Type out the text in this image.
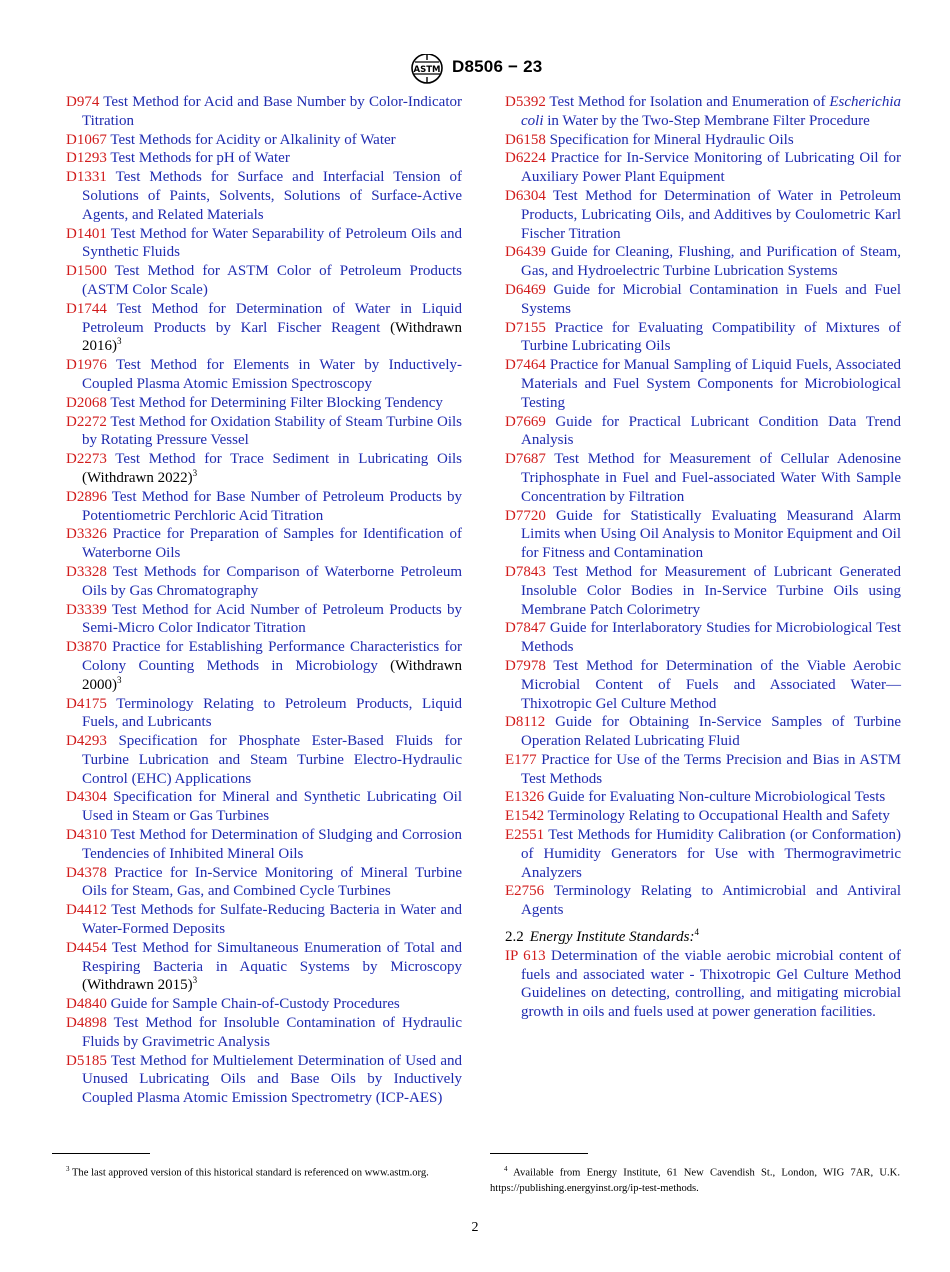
ASTM D8506 − 23
D974 Test Method for Acid and Base Number by Color-Indicator Titration
D1067 Test Methods for Acidity or Alkalinity of Water
D1293 Test Methods for pH of Water
D1331 Test Methods for Surface and Interfacial Tension of Solutions of Paints, Solvents, Solutions of Surface-Active Agents, and Related Materials
D1401 Test Method for Water Separability of Petroleum Oils and Synthetic Fluids
D1500 Test Method for ASTM Color of Petroleum Products (ASTM Color Scale)
D1744 Test Method for Determination of Water in Liquid Petroleum Products by Karl Fischer Reagent (Withdrawn 2016)$^3$
D1976 Test Method for Elements in Water by Inductively-Coupled Plasma Atomic Emission Spectroscopy
D2068 Test Method for Determining Filter Blocking Tendency
D2272 Test Method for Oxidation Stability of Steam Turbine Oils by Rotating Pressure Vessel
D2273 Test Method for Trace Sediment in Lubricating Oils (Withdrawn 2022)$^3$
D2896 Test Method for Base Number of Petroleum Products by Potentiometric Perchloric Acid Titration
D3326 Practice for Preparation of Samples for Identification of Waterborne Oils
D3328 Test Methods for Comparison of Waterborne Petroleum Oils by Gas Chromatography
D3339 Test Method for Acid Number of Petroleum Products by Semi-Micro Color Indicator Titration
D3870 Practice for Establishing Performance Characteristics for Colony Counting Methods in Microbiology (Withdrawn 2000)$^3$
D4175 Terminology Relating to Petroleum Products, Liquid Fuels, and Lubricants
D4293 Specification for Phosphate Ester-Based Fluids for Turbine Lubrication and Steam Turbine Electro-Hydraulic Control (EHC) Applications
D4304 Specification for Mineral and Synthetic Lubricating Oil Used in Steam or Gas Turbines
D4310 Test Method for Determination of Sludging and Corrosion Tendencies of Inhibited Mineral Oils
D4378 Practice for In-Service Monitoring of Mineral Turbine Oils for Steam, Gas, and Combined Cycle Turbines
D4412 Test Methods for Sulfate-Reducing Bacteria in Water and Water-Formed Deposits
D4454 Test Method for Simultaneous Enumeration of Total and Respiring Bacteria in Aquatic Systems by Microscopy (Withdrawn 2015)$^3$
D4840 Guide for Sample Chain-of-Custody Procedures
D4898 Test Method for Insoluble Contamination of Hydraulic Fluids by Gravimetric Analysis
D5185 Test Method for Multielement Determination of Used and Unused Lubricating Oils and Base Oils by Inductively Coupled Plasma Atomic Emission Spectrometry (ICP-AES)
D5392 Test Method for Isolation and Enumeration of Escherichia coli in Water by the Two-Step Membrane Filter Procedure
D6158 Specification for Mineral Hydraulic Oils
D6224 Practice for In-Service Monitoring of Lubricating Oil for Auxiliary Power Plant Equipment
D6304 Test Method for Determination of Water in Petroleum Products, Lubricating Oils, and Additives by Coulometric Karl Fischer Titration
D6439 Guide for Cleaning, Flushing, and Purification of Steam, Gas, and Hydroelectric Turbine Lubrication Systems
D6469 Guide for Microbial Contamination in Fuels and Fuel Systems
D7155 Practice for Evaluating Compatibility of Mixtures of Turbine Lubricating Oils
D7464 Practice for Manual Sampling of Liquid Fuels, Associated Materials and Fuel System Components for Microbiological Testing
D7669 Guide for Practical Lubricant Condition Data Trend Analysis
D7687 Test Method for Measurement of Cellular Adenosine Triphosphate in Fuel and Fuel-associated Water With Sample Concentration by Filtration
D7720 Guide for Statistically Evaluating Measurand Alarm Limits when Using Oil Analysis to Monitor Equipment and Oil for Fitness and Contamination
D7843 Test Method for Measurement of Lubricant Generated Insoluble Color Bodies in In-Service Turbine Oils using Membrane Patch Colorimetry
D7847 Guide for Interlaboratory Studies for Microbiological Test Methods
D7978 Test Method for Determination of the Viable Aerobic Microbial Content of Fuels and Associated Water—Thixotropic Gel Culture Method
D8112 Guide for Obtaining In-Service Samples of Turbine Operation Related Lubricating Fluid
E177 Practice for Use of the Terms Precision and Bias in ASTM Test Methods
E1326 Guide for Evaluating Non-culture Microbiological Tests
E1542 Terminology Relating to Occupational Health and Safety
E2551 Test Methods for Humidity Calibration (or Conformation) of Humidity Generators for Use with Thermogravimetric Analyzers
E2756 Terminology Relating to Antimicrobial and Antiviral Agents
2.2 Energy Institute Standards:$^4$
IP 613 Determination of the viable aerobic microbial content of fuels and associated water - Thixotropic Gel Culture Method Guidelines on detecting, controlling, and mitigating microbial growth in oils and fuels used at power generation facilities.
$^3$ The last approved version of this historical standard is referenced on www.astm.org.	$^4$ Available from Energy Institute, 61 New Cavendish St., London, WIG 7AR, U.K. https://publishing.energyinst.org/ip-test-methods.
2
